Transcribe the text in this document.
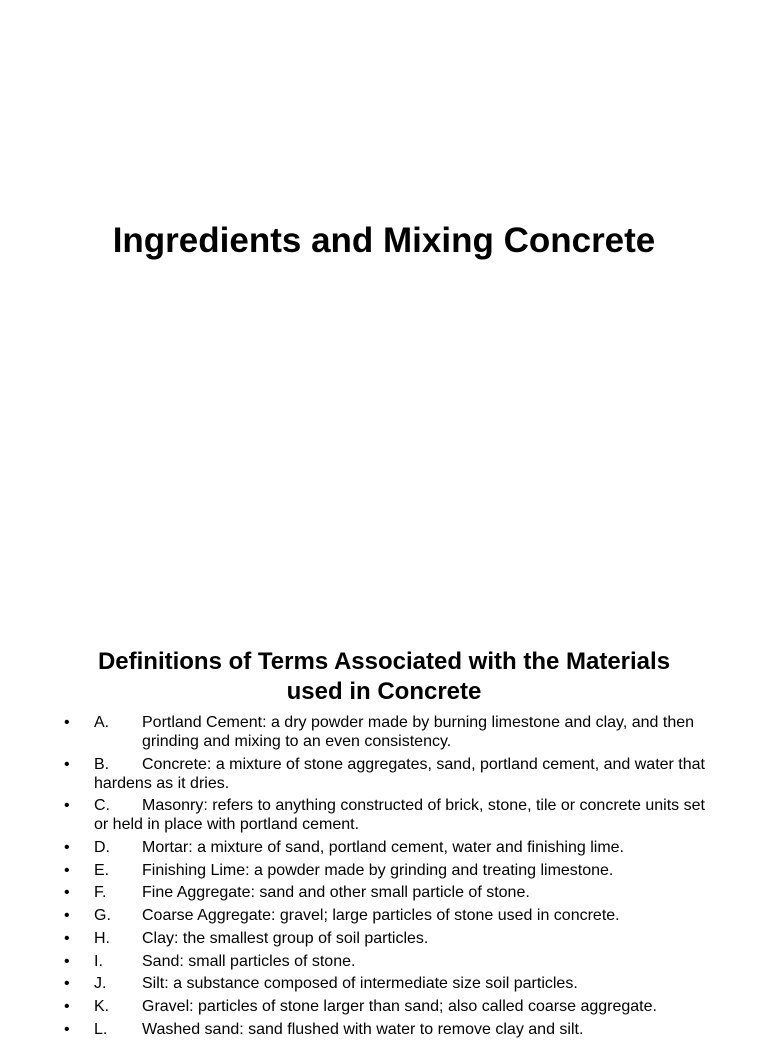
Ingredients and Mixing Concrete
Definitions of Terms Associated with the Materials
used in Concrete
• A.	Portland Cement: a dry powder made by burning limestone and clay, and then grinding and mixing to an even consistency.
• B. Concrete: a mixture of stone aggregates, sand, portland cement, and water that hardens as it dries.
• C. Masonry: refers to anything constructed of brick, stone, tile or concrete units set or held in place with portland cement.
• D. Mortar: a mixture of sand, portland cement, water and finishing lime.
• E. Finishing Lime: a powder made by grinding and treating limestone.
• F. Fine Aggregate: sand and other small particle of stone.
• G. Coarse Aggregate: gravel; large particles of stone used in concrete.
• H. Clay: the smallest group of soil particles.
• I. Sand: small particles of stone.
• J. Silt: a substance composed of intermediate size soil particles.
• K. Gravel: particles of stone larger than sand; also called coarse aggregate.
• L. Washed sand: sand flushed with water to remove clay and silt.
